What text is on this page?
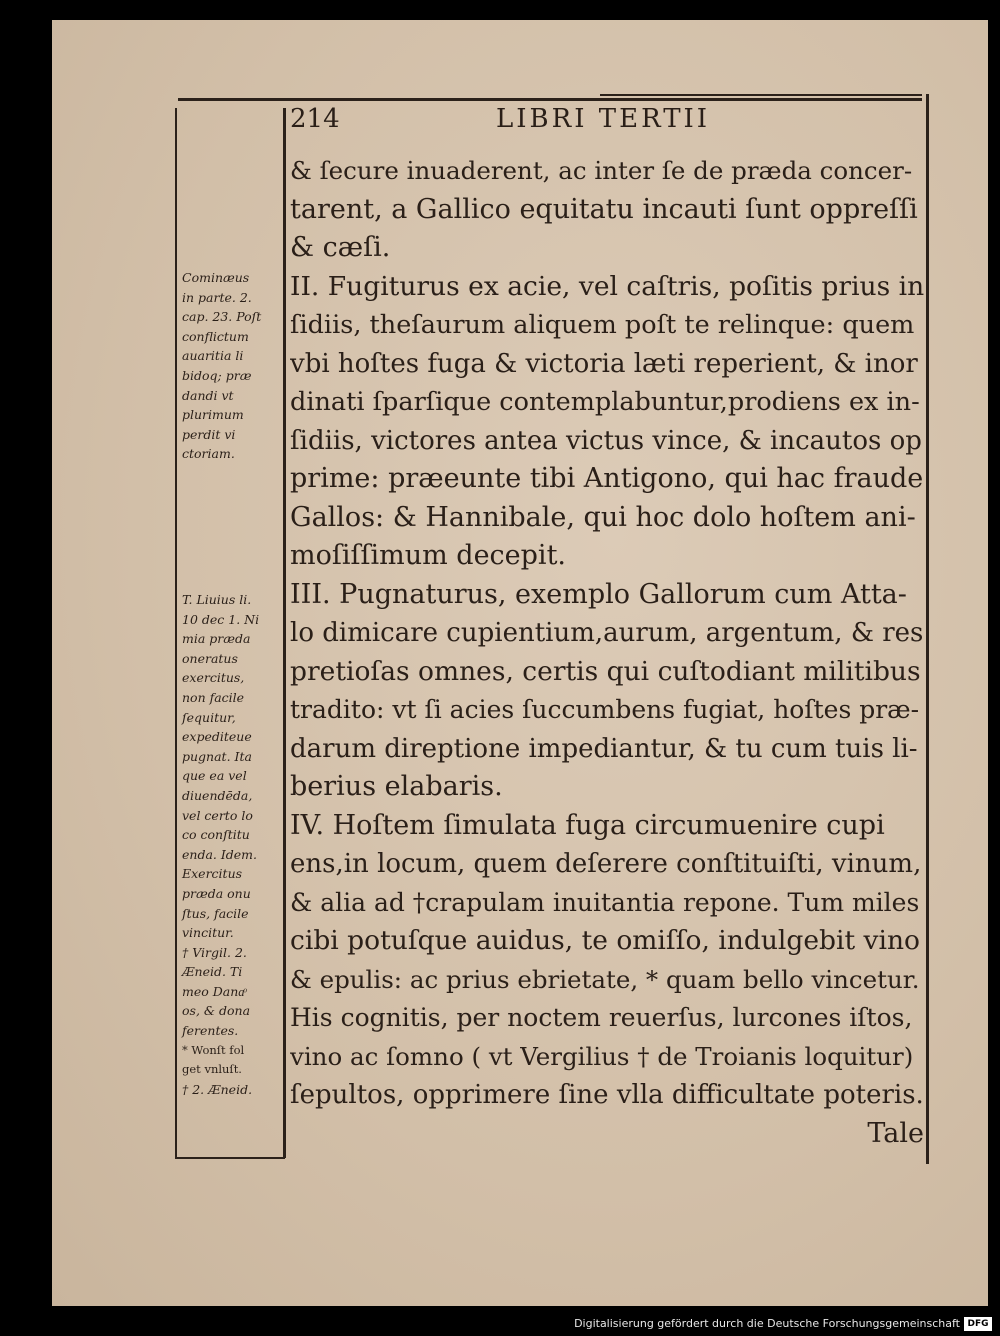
214	LIBRI TERTII
& ſecure inuaderent, ac inter ſe de præda concer-
tarent, a Gallico equitatu incauti ſunt oppreſſi
& cæſi.
II. Fugiturus ex acie, vel caſtris, poſitis prius in
ſidiis, theſaurum aliquem poſt te relinque: quem
vbi hoſtes fuga & victoria læti reperient, & inor
dinati ſparſique contemplabuntur,prodiens ex in-
ſidiis, victores antea victus vince, & incautos op
prime: præeunte tibi Antigono, qui hac fraude
Gallos: & Hannibale, qui hoc dolo hoſtem ani-
moſiſſimum decepit.
III. Pugnaturus, exemplo Gallorum cum Atta-
lo dimicare cupientium,aurum, argentum, & res
pretioſas omnes, certis qui cuſtodiant militibus
tradito: vt ſi acies ſuccumbens fugiat, hoſtes præ-
darum direptione impediantur, & tu cum tuis li-
berius elabaris.
IV. Hoſtem ſimulata fuga circumuenire cupi
ens,in locum, quem deſerere conſtituiſti, vinum,
& alia ad †crapulam inuitantia repone. Tum miles
cibi potuſque auidus, te omiſſo, indulgebit vino
& epulis: ac prius ebrietate, * quam bello vincetur.
His cognitis, per noctem reuerſus, lurcones iſtos,
vino ac ſomno ( vt Vergilius † de Troianis loquitur)
ſepultos, opprimere ſine vlla difficultate poteris.
Tale
Cominæus
in parte. 2.
cap. 23. Poſt
conflictum
auaritia li
bidoq; præ
dandi vt
plurimum
perdit vi
ctoriam.
T. Liuius li.
10 dec 1. Ni
mia præda
oneratus
exercitus,
non facile
ſequitur,
expediteue
pugnat. Ita
que ea vel
diuendēda,
vel certo lo
co conſtitu
enda. Idem.
Exercitus
præda onu
ſtus, facile
vincitur.
† Virgil. 2.
Æneid. Ti
meo Danaͦ
os, & dona
ferentes.
* Wonſt fol
get vnluſt.
† 2. Æneid.
Digitalisierung gefördert durch die Deutsche Forschungsgemeinschaft DFG
